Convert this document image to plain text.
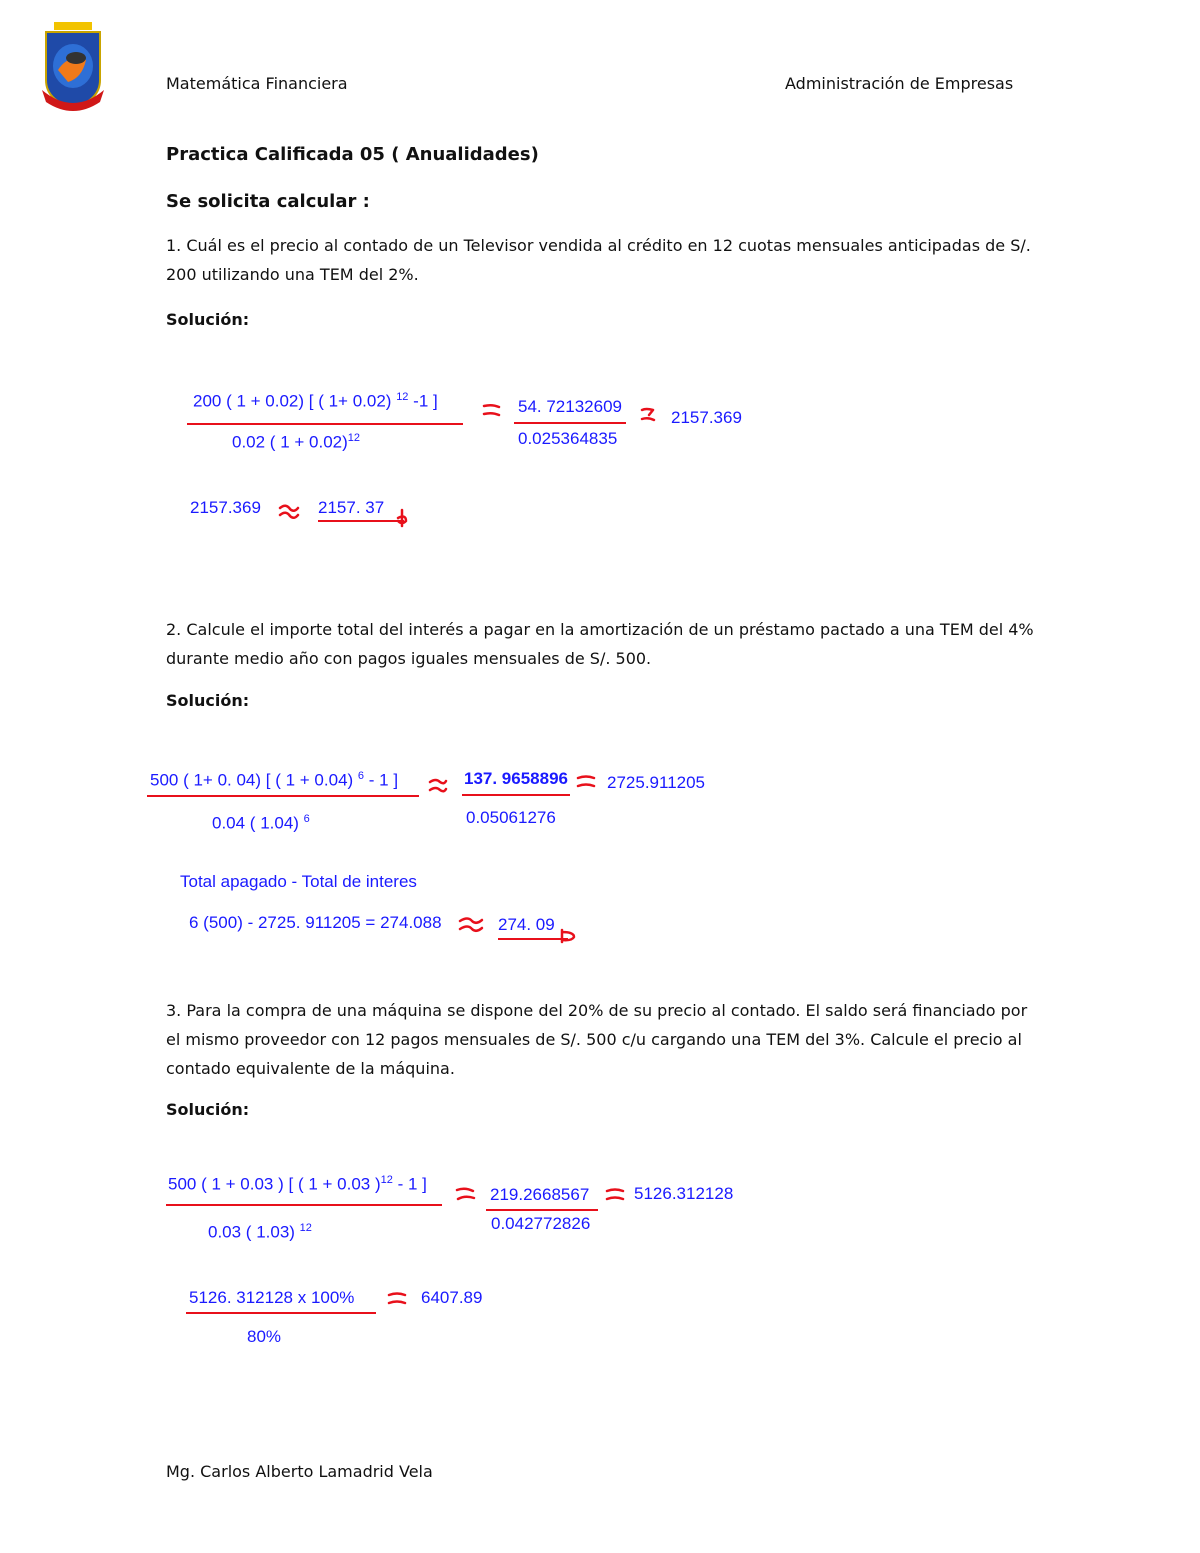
Matemática Financiera	Administración de Empresas
Practica Calificada 05 ( Anualidades)
Se solicita calcular :
1. Cuál es el precio al contado de un Televisor vendida al crédito en 12 cuotas mensuales anticipadas de S/. 200 utilizando una TEM del 2%.
Solución:
200 ( 1 + 0.02) [ ( 1+ 0.02) $^{12}$ -1 ]
0.02 ( 1 + 0.02)$^{12}$
54. 72132609
0.025364835
2157.369
2157.369	2157. 37
2. Calcule el importe total del interés a pagar en la amortización de un préstamo pactado a una TEM del 4% durante medio año con pagos iguales mensuales de S/. 500.
Solución:
500 ( 1+ 0. 04) [ ( 1 + 0.04) $^6$ - 1 ]
0.04 ( 1.04) $^6$
137. 9658896 2725.911205
0.05061276
Total apagado - Total de interes
6 (500) - 2725. 911205 = 274.088	274. 09
3. Para la compra de una máquina se dispone del 20% de su precio al contado. El saldo será financiado por el mismo proveedor con 12 pagos mensuales de S/. 500 c/u cargando una TEM del 3%. Calcule el precio al contado equivalente de la máquina.
Solución:
500 ( 1 + 0.03 ) [ ( 1 + 0.03 )$^{12}$ - 1 ]
0.03 ( 1.03) $^{12}$
219.2668567
0.042772826
5126.312128
5126. 312128 x 100%
80%
6407.89
Mg. Carlos Alberto Lamadrid Vela
